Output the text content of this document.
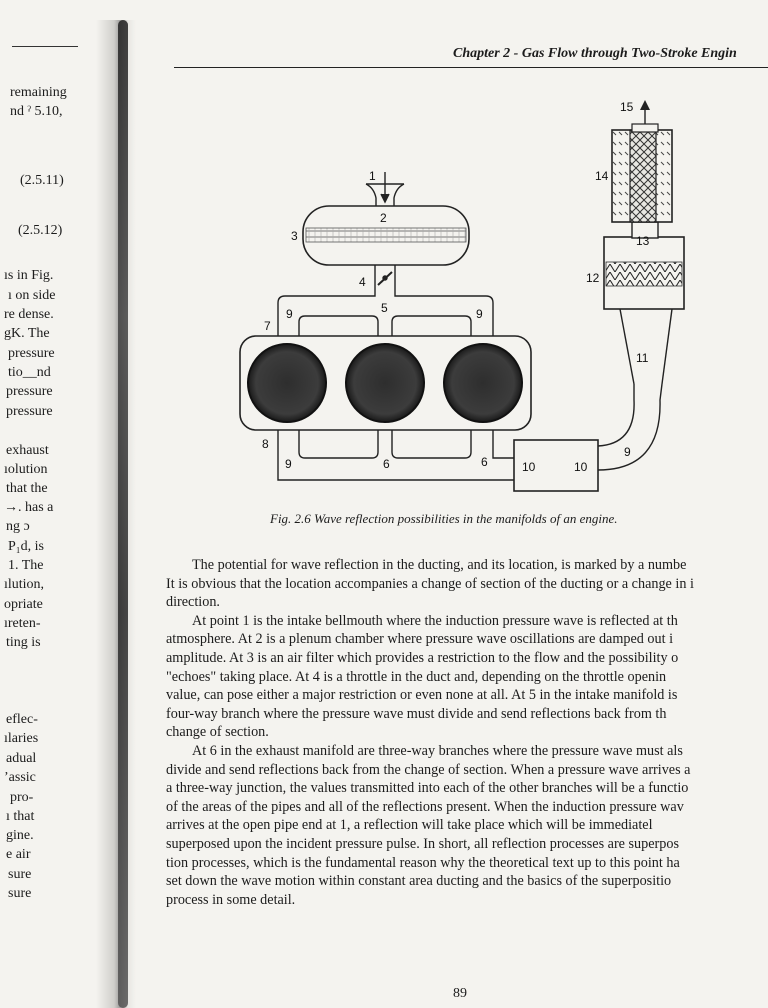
remaining
nd ˀ 5.10,
(2.5.11)
(2.5.12)
ıs in Fig.
ı on side
re dense.
gK. The
pressure
tio__nd
pressure
pressure
exhaust
ıolution
that the
→. has a
ng ɔ
P₁d, is
1. The
ılution,
opriate
ıreten-
ting is
eflec-
ılaries
adual
’assic
pro-
ı that
gine.
e air
sure
sure
Chapter 2 - Gas Flow through Two-Stroke Engin
1
2
3
4
5
7
9	9
8
9	6	6	10	10
9
11
12
13
14
15
Fig. 2.6 Wave reflection possibilities in the manifolds of an engine.

The potential for wave reflection in the ducting, and its location, is marked by a numbe

It is obvious that the location accompanies a change of section of the ducting or a change in i

direction.

At point 1 is the intake bellmouth where the induction pressure wave is reflected at th

atmosphere. At 2 is a plenum chamber where pressure wave oscillations are damped out i

amplitude. At 3 is an air filter which provides a restriction to the flow and the possibility o

"echoes" taking place. At 4 is a throttle in the duct and, depending on the throttle openin

value, can pose either a major restriction or even none at all. At 5 in the intake manifold is

four-way branch where the pressure wave must divide and send reflections back from th

change of section.

At 6 in the exhaust manifold are three-way branches where the pressure wave must als

divide and send reflections back from the change of section. When a pressure wave arrives a

a three-way junction, the values transmitted into each of the other branches will be a functio

of the areas of the pipes and all of the reflections present. When the induction pressure wav

arrives at the open pipe end at 1, a reflection will take place which will be immediatel

superposed upon the incident pressure pulse. In short, all reflection processes are superpos

tion processes, which is the fundamental reason why the theoretical text up to this point ha

set down the wave motion within constant area ducting and the basics of the superpositio

process in some detail.

89
